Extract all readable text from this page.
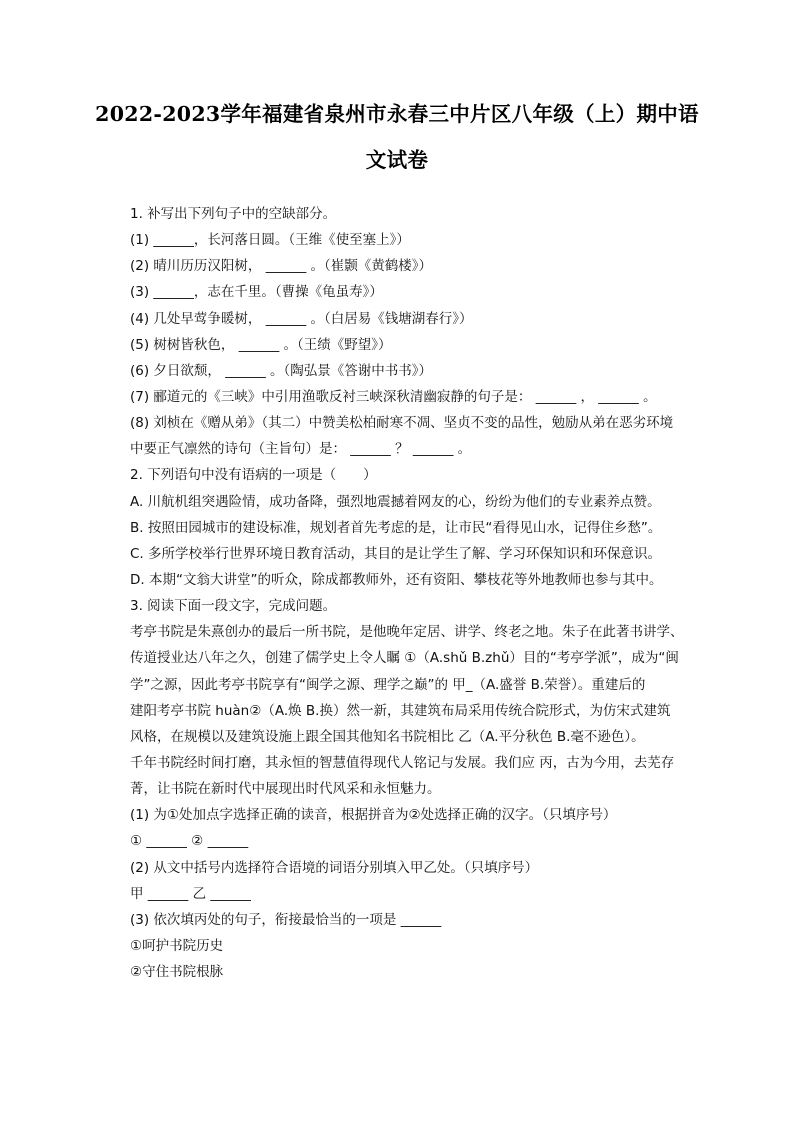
2022-2023学年福建省泉州市永春三中片区八年级（上）期中语
文试卷
1. 补写出下列句子中的空缺部分。
(1) ______，长河落日圆。（王维《使至塞上》）
(2) 晴川历历汉阳树， ______ 。（崔颢《黄鹤楼》）
(3) ______，志在千里。（曹操《龟虽寿》）
(4) 几处早莺争暖树， ______ 。（白居易《钱塘湖春行》）
(5) 树树皆秋色， ______ 。（王绩《野望》）
(6) 夕日欲颓， ______ 。（陶弘景《答谢中书书》）
(7) 郦道元的《三峡》中引用渔歌反衬三峡深秋清幽寂静的句子是： ______ ， ______ 。
(8) 刘桢在《赠从弟》（其二）中赞美松柏耐寒不凋、坚贞不变的品性，勉励从弟在恶劣环境
中要正气凛然的诗句（主旨句）是： ______ ？ ______ 。
2. 下列语句中没有语病的一项是（　　）
A. 川航机组突遇险情，成功备降，强烈地震撼着网友的心，纷纷为他们的专业素养点赞。
B. 按照田园城市的建设标准，规划者首先考虑的是，让市民“看得见山水，记得住乡愁”。
C. 多所学校举行世界环境日教育活动，其目的是让学生了解、学习环保知识和环保意识。
D. 本期“文翁大讲堂”的听众，除成都教师外，还有资阳、攀枝花等外地教师也参与其中。
3. 阅读下面一段文字，完成问题。
考亭书院是朱熹创办的最后一所书院，是他晚年定居、讲学、终老之地。朱子在此著书讲学、
传道授业达八年之久，创建了儒学史上令人瞩 ①（A.shǔ B.zhǔ）目的“考亭学派”，成为“闽
学”之源，因此考亭书院享有“闽学之源、理学之巅”的 甲_（A.盛誉 B.荣誉）。重建后的
建阳考亭书院 huàn②（A.焕 B.换）然一新，其建筑布局采用传统合院形式，为仿宋式建筑
风格，在规模以及建筑设施上跟全国其他知名书院相比 乙（A.平分秋色 B.毫不逊色）。
千年书院经时间打磨，其永恒的智慧值得现代人铭记与发展。我们应 丙，古为今用，去芜存
菁，让书院在新时代中展现出时代风采和永恒魅力。
(1) 为①处加点字选择正确的读音，根据拼音为②处选择正确的汉字。（只填序号）
① ______ ② ______
(2) 从文中括号内选择符合语境的词语分别填入甲乙处。（只填序号）
甲 ______ 乙 ______
(3) 依次填丙处的句子，衔接最恰当的一项是 ______
①呵护书院历史
②守住书院根脉
